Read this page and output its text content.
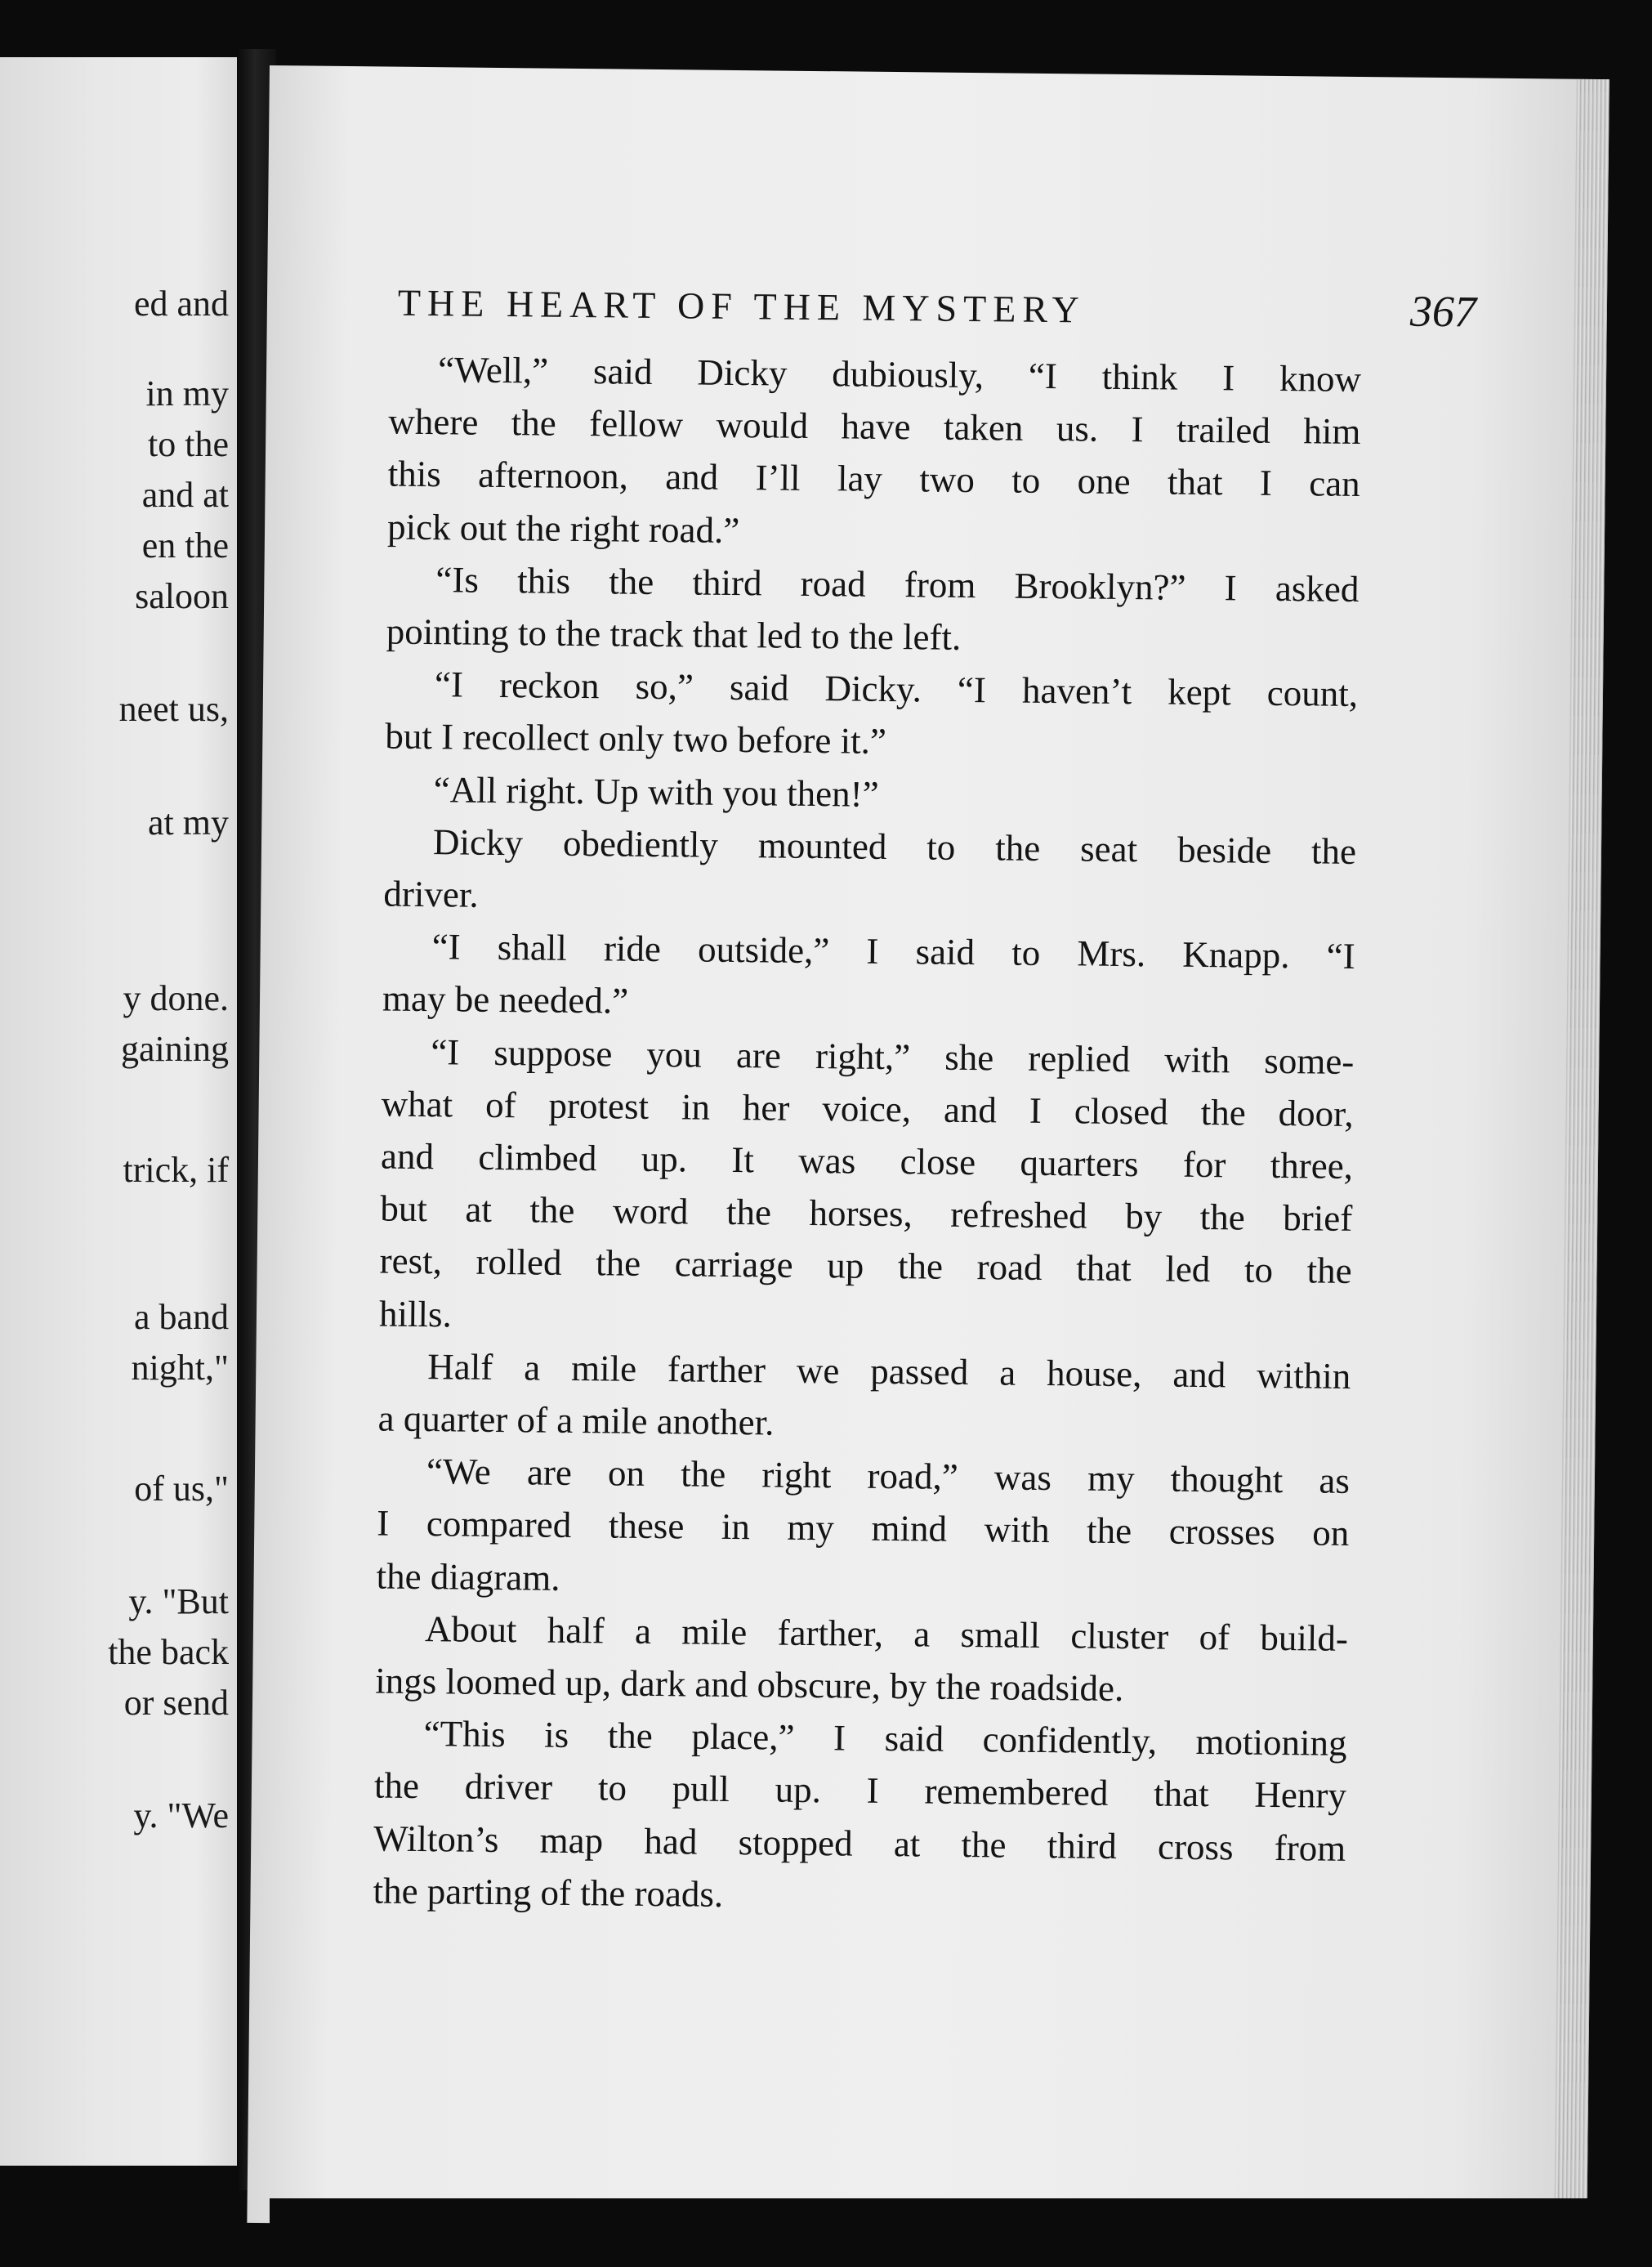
ed and
in my
to the
and at
en the
saloon
neet us,
at my
y done.
gaining
trick, if
a band
night,"
of us,"
y. "But
the back
or send
y. "We
THE HEART OF THE MYSTERY	367
“Well,” said Dicky dubiously, “I think I know
where the fellow would have taken us. I trailed him
this afternoon, and I’ll lay two to one that I can
pick out the right road.”
“Is this the third road from Brooklyn?” I asked
pointing to the track that led to the left.
“I reckon so,” said Dicky. “I haven’t kept count,
but I recollect only two before it.”
“All right. Up with you then!”
Dicky obediently mounted to the seat beside the
driver.
“I shall ride outside,” I said to Mrs. Knapp. “I
may be needed.”
“I suppose you are right,” she replied with some-
what of protest in her voice, and I closed the door,
and climbed up. It was close quarters for three,
but at the word the horses, refreshed by the brief
rest, rolled the carriage up the road that led to the
hills.
Half a mile farther we passed a house, and within
a quarter of a mile another.
“We are on the right road,” was my thought as
I compared these in my mind with the crosses on
the diagram.
About half a mile farther, a small cluster of build-
ings loomed up, dark and obscure, by the roadside.
“This is the place,” I said confidently, motioning
the driver to pull up. I remembered that Henry
Wilton’s map had stopped at the third cross from
the parting of the roads.
